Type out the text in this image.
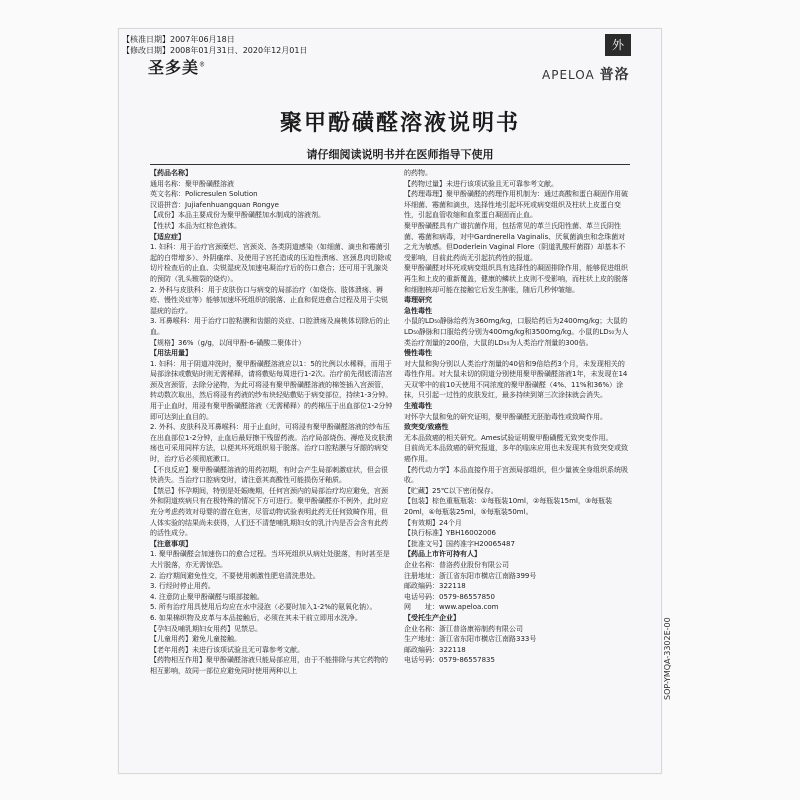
【核准日期】2007年06月18日
【修改日期】2008年01月31日、2020年12月01日
圣多美®
外
APELOA 普洛
聚甲酚磺醛溶液说明书
请仔细阅读说明书并在医师指导下使用

【药品名称】

通用名称：聚甲酚磺醛溶液

英文名称：Policresulen Solution

汉语拼音：Jujiafenhuangquan Rongye

【成份】本品主要成份为聚甲酚磺醛加水制成的溶液剂。

【性状】本品为红棕色液体。

【适应症】

1. 妇科：用于治疗宫颈糜烂、宫颈炎、各类阴道感染（如细菌、滴虫和霉菌引起的白带增多）、外阴瘙痒、及使用子宫托造成的压迫性溃疡、宫颈息肉切除或切片检查后的止血、尖锐湿疣及加速电凝治疗后的伤口愈合；还可用于乳腺炎的预防（乳头皲裂的烧灼）。

2. 外科与皮肤科：用于皮肤伤口与病变的局部治疗（如烧伤、肢体溃疡、褥疮、慢性炎症等）能够加速坏死组织的脱落、止血和促进愈合过程及用于尖锐湿疣的治疗。

3. 耳鼻喉科：用于治疗口腔粘膜和齿龈的炎症、口腔溃疡及扁桃体切除后的止血。

【规格】36%（g/g，以间甲酚-6-磺酸二聚体计）

【用法用量】

1. 妇科：用于阴道冲洗时，聚甲酚磺醛溶液应以1：5的比例以水稀释，而用于局部涂抹或敷贴时则无需稀释，请将敷贴每周进行1-2次。治疗前先彻底清洁宫颈及宫颈管，去除分泌物，为此可将浸有聚甲酚磺醛溶液的棉签插入宫颈管，转动数次取出，然后将浸有药液的纱布块轻贴敷贴于病变部位，持续1-3分钟。用于止血时，用浸有聚甲酚磺醛溶液（无需稀释）的药棉压于出血部位1-2分钟即可达到止血目的。

2. 外科、皮肤科及耳鼻喉科：用于止血时，可将浸有聚甲酚磺醛溶液的纱布压在出血部位1-2分钟，止血后最好擦干残留药液。治疗局部烧伤、褥疮及皮肤溃疡也可采用同样方法，以便其坏死组织易于脱落。治疗口腔粘膜与牙龈的病变时，治疗后必须彻底漱口。

【不良反应】聚甲酚磺醛溶液的用药初期，有时会产生局部刺激症状，但会很快消失。当治疗口腔病变时，请注意其高酸性可能损伤牙釉质。

【禁忌】怀孕期间，特别是妊娠晚期，任何宫颈内的局部治疗均应避免，宫颈外和阴道疾病只有在极特殊的情况下方可进行。聚甲酚磺醛亦不例外，此时应充分考虑药效对母婴的潜在危害，尽管动物试验表明此药无任何致畸作用，但人体实验的结果尚未获得，人们还不清楚哺乳期妇女的乳汁内是否会含有此药的活性成分。

【注意事项】

1. 聚甲酚磺醛会加速伤口的愈合过程。当坏死组织从病灶处脱落，有时甚至是大片脱落，亦无需惊恐。

2. 治疗期间避免性交，不要使用刺激性肥皂清洗患处。

3. 行经时停止用药。

4. 注意防止聚甲酚磺醛与眼部接触。

5. 所有治疗用具使用后均应在水中浸泡（必要时加入1-2%的氨氧化钠）。

6. 如果棉织物及皮革与本品接触后，必须在其未干前立即用水洗净。

【孕妇及哺乳期妇女用药】见禁忌。

【儿童用药】避免儿童接触。

【老年用药】未进行该项试验且无可靠参考文献。

【药物相互作用】聚甲酚磺醛溶液只能局部应用，由于不能排除与其它药物的相互影响，故同一部位应避免同时使用两种以上

的药物。

【药物过量】未进行该项试验且无可靠参考文献。

【药理毒理】聚甲酚磺醛的药理作用机制为：通过高酸和蛋白凝固作用破坏细菌、霉菌和滴虫，选择性地引起坏死或病变组织及柱状上皮蛋白变性，引起血管收缩和血浆蛋白凝固而止血。

聚甲酚磺醛具有广谱抗菌作用，包括常见的革兰氏阳性菌、革兰氏阴性菌、霉菌和病毒，对中Gardnerella Vaginalis、厌氧菌滴虫和念珠菌对之尤为敏感。但Doderlein Vaginal Flore（阴道乳酸杆菌群）却基本不受影响，目前此药尚无引起抗药性的报道。

聚甲酚磺醛对坏死或病变组织具有选择性的凝固排除作用，能够促进组织再生和上皮的重新覆盖，健康的鳞状上皮则不受影响，而柱状上皮的脱落和细胞核却可能在接触它后发生肿胀，随后几秒钟皱缩。

毒理研究

急性毒性

小鼠的LD₅₀静脉给药为360mg/kg，口服给药后为2400mg/kg；大鼠的LD₅₀静脉和口服给药分别为400mg/kg和3500mg/kg。小鼠的LD₅₀为人类治疗剂量的200倍，大鼠的LD₅₀为人类治疗剂量的300倍。

慢性毒性

对大鼠和狗分别以人类治疗剂量的40倍和9倍给药3个月，未发现相关的毒性作用。对大鼠未切的阴道分别使用聚甲酚磺醛溶液1年，未发现在14天双零中的前10天使用不同浓度的聚甲酚磺醛（4%、11%和36%）涂抹，只引起一过性的皮肤发红，最多持续到第三次涂抹就会消失。

生殖毒性

对怀孕大鼠和兔的研究证明，聚甲酚磺醛无胚胎毒性或致畸作用。

致突变/致癌性

无本品致癌的相关研究。Ames试验证明聚甲酚磺醛无致突变作用。

目前尚无本品致癌的研究报道，多年的临床应用也未发现其有致突变或致癌作用。

【药代动力学】本品直接作用于宫颈局部组织，但少量被全身组织系统吸收。

【贮藏】25℃以下密闭保存。

【包装】棕色重瓶瓶装：①每瓶装10ml，②每瓶装15ml，③每瓶装20ml，④每瓶装25ml，⑤每瓶装50ml。

【有效期】24个月

【执行标准】YBH16002006

【批准文号】国药准字H20065487

【药品上市许可持有人】

企业名称：普洛药业股份有限公司

注册地址：浙江省东阳市横店江南路399号

邮政编码：322118

电话号码：0579-86557850

网　　址：www.apeloa.com

【受托生产企业】

企业名称：浙江普洛康裕制药有限公司

生产地址：浙江省东阳市横店江南路333号

邮政编码：322118

电话号码：0579-86557835	SOP-YMQA-3302E-00
